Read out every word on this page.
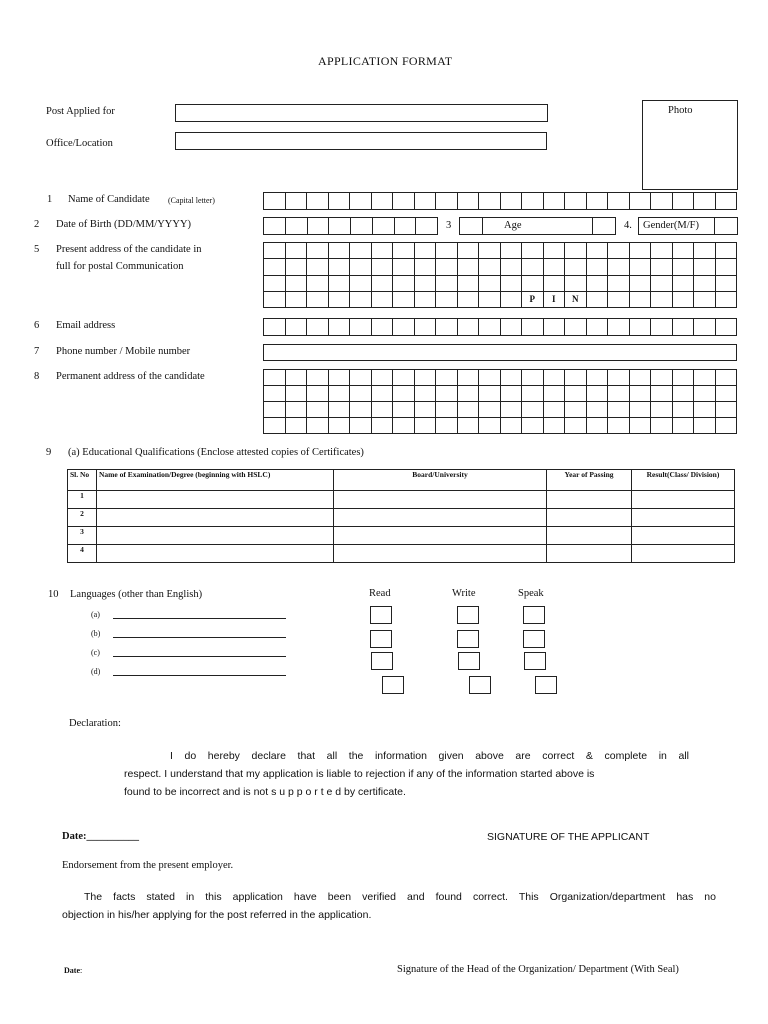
APPLICATION FORMAT
Post Applied for
Office/Location
Photo
1 Name of Candidate (Capital letter)
2 Date of Birth (DD/MM/YYYY)	3	Age	4. Gender(M/F)
5 Present address of the candidate in
full for postal Communication
P	I	N
6 Email address
7 Phone number / Mobile number
8 Permanent address of the candidate
9 (a) Educational Qualifications (Enclose attested copies of Certificates)
Sl. No	Name of Examination/Degree (beginning with HSLC)	Board/University	Year of Passing	Result(Class/ Division)
1				
2				
3				
4				
10 Languages (other than English)	Read	Write	Speak
(a)
(b)
(c)
(d)
Declaration:
I do hereby declare that all the information given above are correct & complete in all
respect. I understand that my application is liable to rejection if any of the information started above is
found to be incorrect and is not s u p p o r t e d by certificate.
Date:__________	SIGNATURE OF THE APPLICANT
Endorsement from the present employer.
The facts stated in this application have been verified and found correct. This Organization/department has no
objection in his/her applying for the post referred in the application.
Date:	Signature of the Head of the Organization/ Department (With Seal)
